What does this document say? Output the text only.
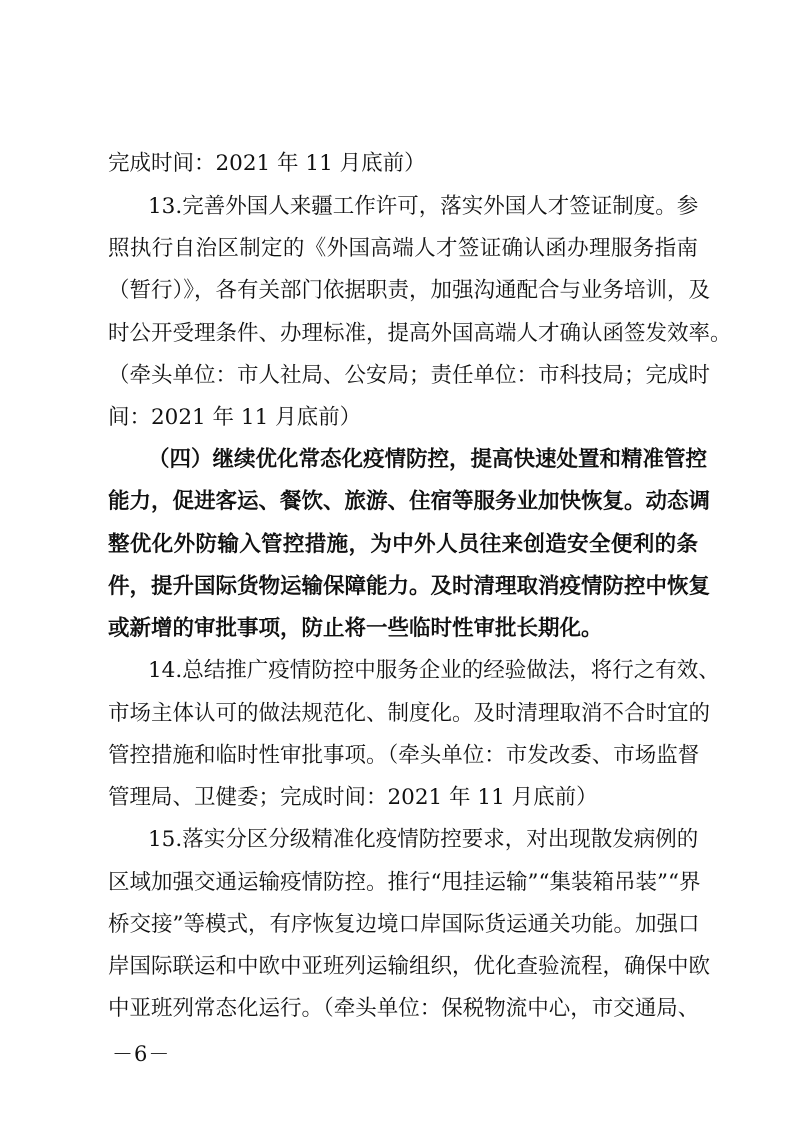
完成时间：2021 年 11 月底前）
13.完善外国人来疆工作许可，落实外国人才签证制度。参
照执行自治区制定的《外国高端人才签证确认函办理服务指南
（暂行）》，各有关部门依据职责，加强沟通配合与业务培训，及
时公开受理条件、办理标准，提高外国高端人才确认函签发效率。
（牵头单位：市人社局、公安局；责任单位：市科技局；完成时
间：2021 年 11 月底前）
（四）继续优化常态化疫情防控，提高快速处置和精准管控
能力，促进客运、餐饮、旅游、住宿等服务业加快恢复。动态调
整优化外防输入管控措施，为中外人员往来创造安全便利的条
件，提升国际货物运输保障能力。及时清理取消疫情防控中恢复
或新增的审批事项，防止将一些临时性审批长期化。
14.总结推广疫情防控中服务企业的经验做法，将行之有效、
市场主体认可的做法规范化、制度化。及时清理取消不合时宜的
管控措施和临时性审批事项。（牵头单位：市发改委、市场监督
管理局、卫健委；完成时间：2021 年 11 月底前）
15.落实分区分级精准化疫情防控要求，对出现散发病例的
区域加强交通运输疫情防控。推行“甩挂运输”“集装箱吊装”“界
桥交接”等模式，有序恢复边境口岸国际货运通关功能。加强口
岸国际联运和中欧中亚班列运输组织，优化查验流程，确保中欧
中亚班列常态化运行。（牵头单位：保税物流中心，市交通局、
－6－
